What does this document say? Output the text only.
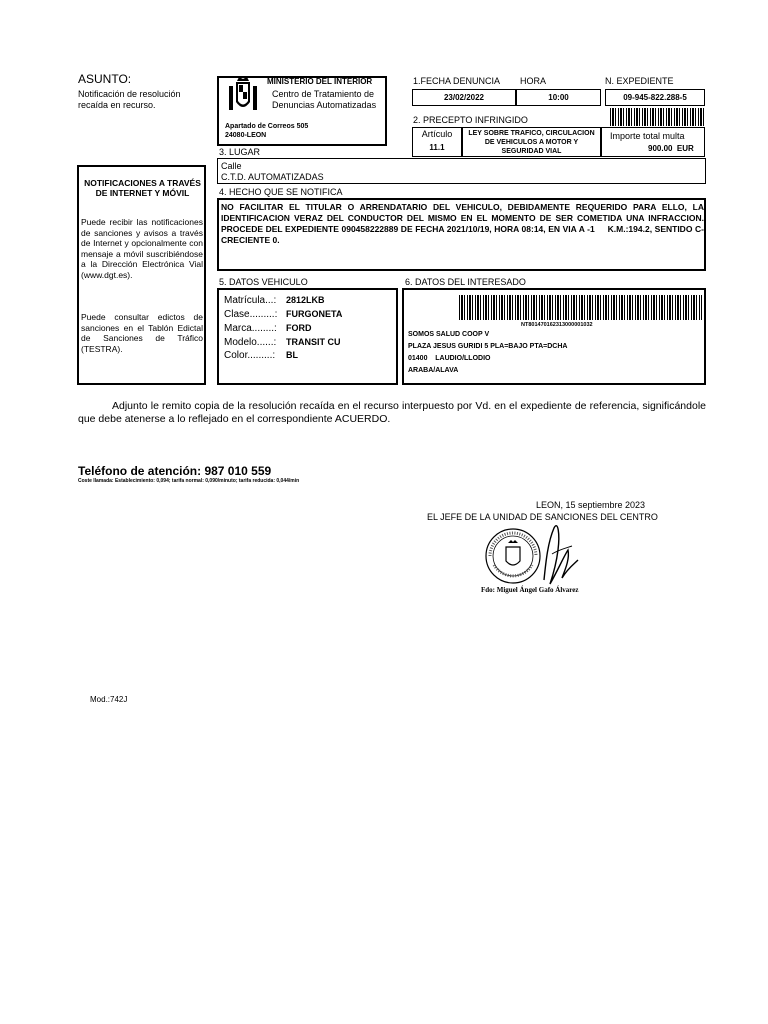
ASUNTO:
Notificación de resolución recaída en recurso.
MINISTERIO DEL INTERIOR
Centro de Tratamiento de
Denuncias Automatizadas
Apartado de Correos 505
24080-LEON
1.FECHA DENUNCIA HORA	N. EXPEDIENTE
23/02/2022	10:00	09-945-822.288-5
2. PRECEPTO INFRINGIDO
Artículo
11.1
LEY SOBRE TRAFICO, CIRCULACION DE VEHICULOS A MOTOR Y SEGURIDAD VIAL
Importe total multa
900.00  EUR
3. LUGAR
Calle
C.T.D. AUTOMATIZADAS
4. HECHO QUE SE NOTIFICA
NO FACILITAR EL TITULAR O ARRENDATARIO DEL VEHICULO, DEBIDAMENTE REQUERIDO PARA ELLO, LA IDENTIFICACION VERAZ DEL CONDUCTOR DEL MISMO EN EL MOMENTO DE SER COMETIDA UNA INFRACCION. PROCEDE DEL EXPEDIENTE 090458222889 DE FECHA 2021/10/19, HORA 08:14, EN VIA A -1     K.M.:194.2, SENTIDO C-CRECIENTE 0.
NOTIFICACIONES A TRAVÉS DE INTERNET Y MÓVIL
Puede recibir las notificaciones de sanciones y avisos a través de Internet y opcionalmente con mensaje a móvil suscribiéndose a la Dirección Electrónica Vial (www.dgt.es).
Puede consultar edictos de sanciones en el Tablón Edictal de Sanciones de Tráfico (TESTRA).
5. DATOS VEHICULO
Matrícula...: 2812LKB
Clase.........: FURGONETA
Marca........: FORD
Modelo......: TRANSIT CU
Color.........: BL
6. DATOS DEL INTERESADO
NT801470162313000001032
SOMOS SALUD COOP V
PLAZA JESUS GURIDI 5 PLA=BAJO PTA=DCHA
01400    LAUDIO/LLODIO
ARABA/ALAVA
Adjunto le remito copia de la resolución recaída en el recurso interpuesto por Vd. en el expediente de referencia, significándole que debe atenerse a lo reflejado en el correspondiente ACUERDO.
Teléfono de atención: 987 010 559
Coste llamada: Establecimiento: 0,094; tarifa normal: 0,090/minuto; tarifa reducida: 0,044/min
LEON, 15 septiembre 2023
EL JEFE DE LA UNIDAD DE SANCIONES DEL CENTRO
Fdo: Miguel Ángel Gafo Álvarez
Mod.:742J
